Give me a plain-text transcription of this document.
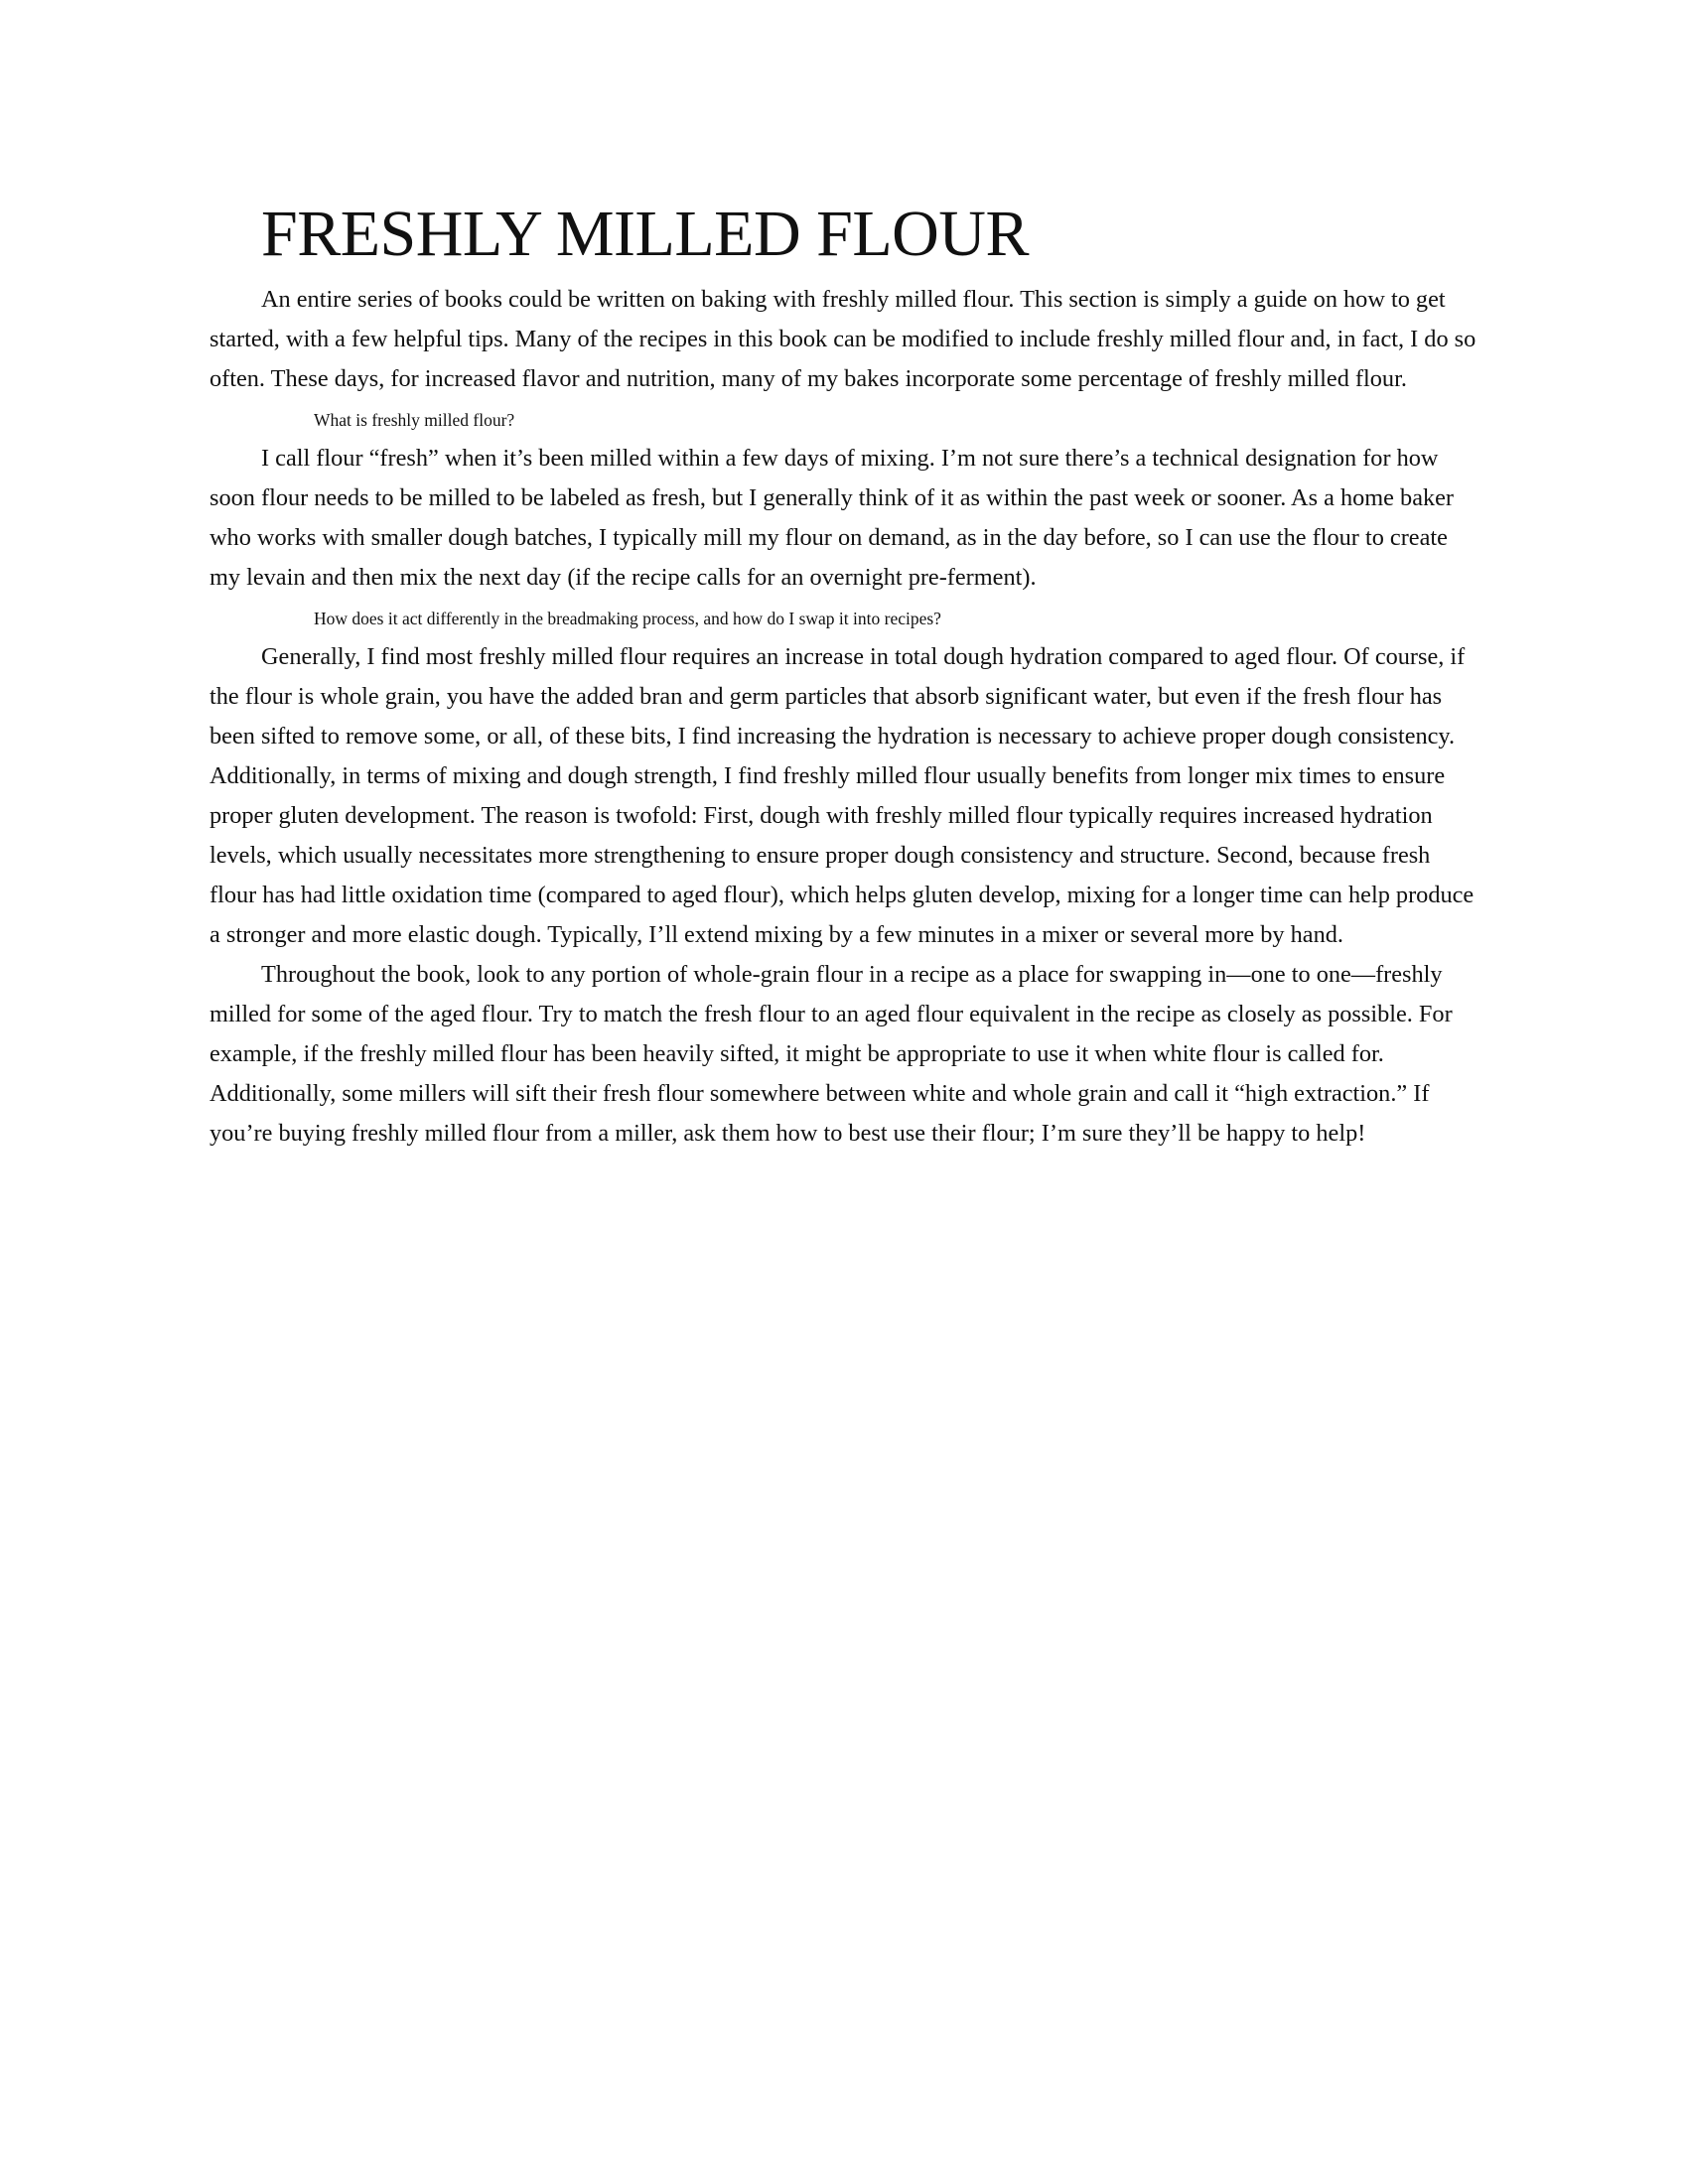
FRESHLY MILLED FLOUR

An entire series of books could be written on baking with freshly milled flour. This section is simply a guide on how to get started, with a few helpful tips. Many of the recipes in this book can be modified to include freshly milled flour and, in fact, I do so often. These days, for increased flavor and nutrition, many of my bakes incorporate some percentage of freshly milled flour.

What is freshly milled flour?

I call flour “fresh” when it’s been milled within a few days of mixing. I’m not sure there’s a technical designation for how soon flour needs to be milled to be labeled as fresh, but I generally think of it as within the past week or sooner. As a home baker who works with smaller dough batches, I typically mill my flour on demand, as in the day before, so I can use the flour to create my levain and then mix the next day (if the recipe calls for an overnight pre-ferment).

How does it act differently in the breadmaking process, and how do I swap it into recipes?

Generally, I find most freshly milled flour requires an increase in total dough hydration compared to aged flour. Of course, if the flour is whole grain, you have the added bran and germ particles that absorb significant water, but even if the fresh flour has been sifted to remove some, or all, of these bits, I find increasing the hydration is necessary to achieve proper dough consistency. Additionally, in terms of mixing and dough strength, I find freshly milled flour usually benefits from longer mix times to ensure proper gluten development. The reason is twofold: First, dough with freshly milled flour typically requires increased hydration levels, which usually necessitates more strengthening to ensure proper dough consistency and structure. Second, because fresh flour has had little oxidation time (compared to aged flour), which helps gluten develop, mixing for a longer time can help produce a stronger and more elastic dough. Typically, I’ll extend mixing by a few minutes in a mixer or several more by hand.

Throughout the book, look to any portion of whole-grain flour in a recipe as a place for swapping in—one to one—freshly milled for some of the aged flour. Try to match the fresh flour to an aged flour equivalent in the recipe as closely as possible. For example, if the freshly milled flour has been heavily sifted, it might be appropriate to use it when white flour is called for. Additionally, some millers will sift their fresh flour somewhere between white and whole grain and call it “high extraction.” If you’re buying freshly milled flour from a miller, ask them how to best use their flour; I’m sure they’ll be happy to help!
